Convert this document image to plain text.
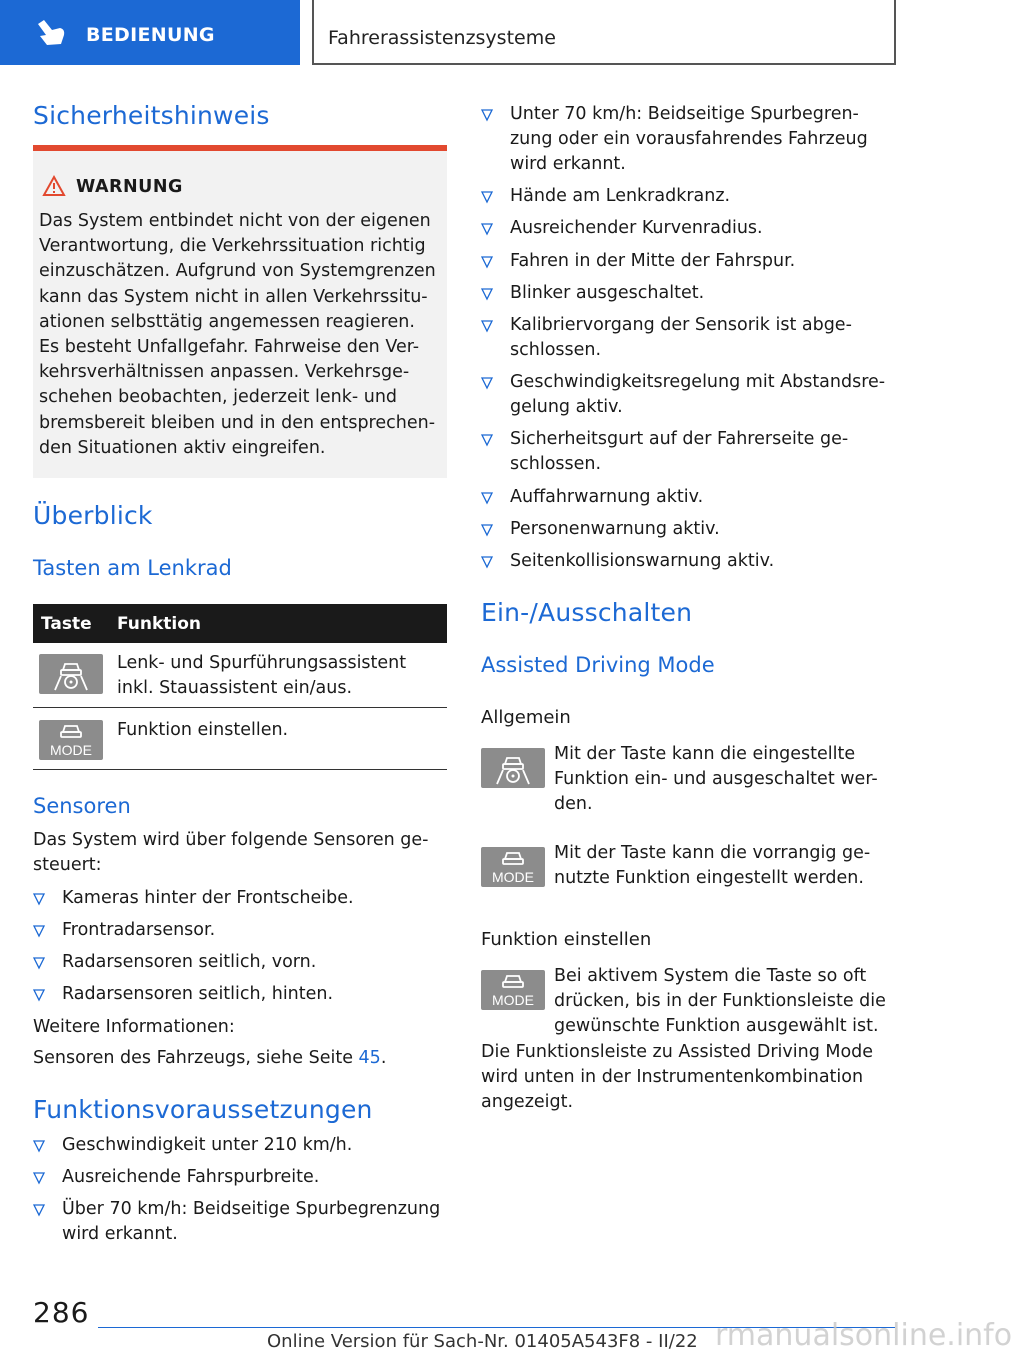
BEDIENUNG	Fahrerassistenzsysteme
Sicherheitshinweis
WARNUNG
Das System entbindet nicht von der eigenen
Verantwortung, die Verkehrssituation richtig
einzuschätzen. Aufgrund von Systemgrenzen
kann das System nicht in allen Verkehrssitu-
ationen selbsttätig angemessen reagieren.
Es besteht Unfallgefahr. Fahrweise den Ver-
kehrsverhältnissen anpassen. Verkehrsge-
schehen beobachten, jederzeit lenk- und
bremsbereit bleiben und in den entsprechen-
den Situationen aktiv eingreifen.
Überblick
Tasten am Lenkrad
Taste Funktion
Lenk- und Spurführungsassistent
inkl. Stauassistent ein/aus.
MODE
Funktion einstellen.
Sensoren
Das System wird über folgende Sensoren ge-
steuert:
Kameras hinter der Frontscheibe.
Frontradarsensor.
Radarsensoren seitlich, vorn.
Radarsensoren seitlich, hinten.
Weitere Informationen:
Sensoren des Fahrzeugs, siehe Seite 45.
Funktionsvoraussetzungen
Geschwindigkeit unter 210 km/h.
Ausreichende Fahrspurbreite.
Über 70 km/h: Beidseitige Spurbegrenzung
wird erkannt.
Unter 70 km/h: Beidseitige Spurbegren-
zung oder ein vorausfahrendes Fahrzeug
wird erkannt.
Hände am Lenkradkranz.
Ausreichender Kurvenradius.
Fahren in der Mitte der Fahrspur.
Blinker ausgeschaltet.
Kalibriervorgang der Sensorik ist abge-
schlossen.
Geschwindigkeitsregelung mit Abstandsre-
gelung aktiv.
Sicherheitsgurt auf der Fahrerseite ge-
schlossen.
Auffahrwarnung aktiv.
Personenwarnung aktiv.
Seitenkollisionswarnung aktiv.
Ein-/Ausschalten
Assisted Driving Mode
Allgemein
Mit der Taste kann die eingestellte
Funktion ein- und ausgeschaltet wer-
den.
MODE
Mit der Taste kann die vorrangig ge-
nutzte Funktion eingestellt werden.
Funktion einstellen
MODE
Bei aktivem System die Taste so oft
drücken, bis in der Funktionsleiste die
gewünschte Funktion ausgewählt ist.
Die Funktionsleiste zu Assisted Driving Mode
wird unten in der Instrumentenkombination
angezeigt.
286
Online Version für Sach-Nr. 01405A543F8 - II/22 rmanualsonline.info
